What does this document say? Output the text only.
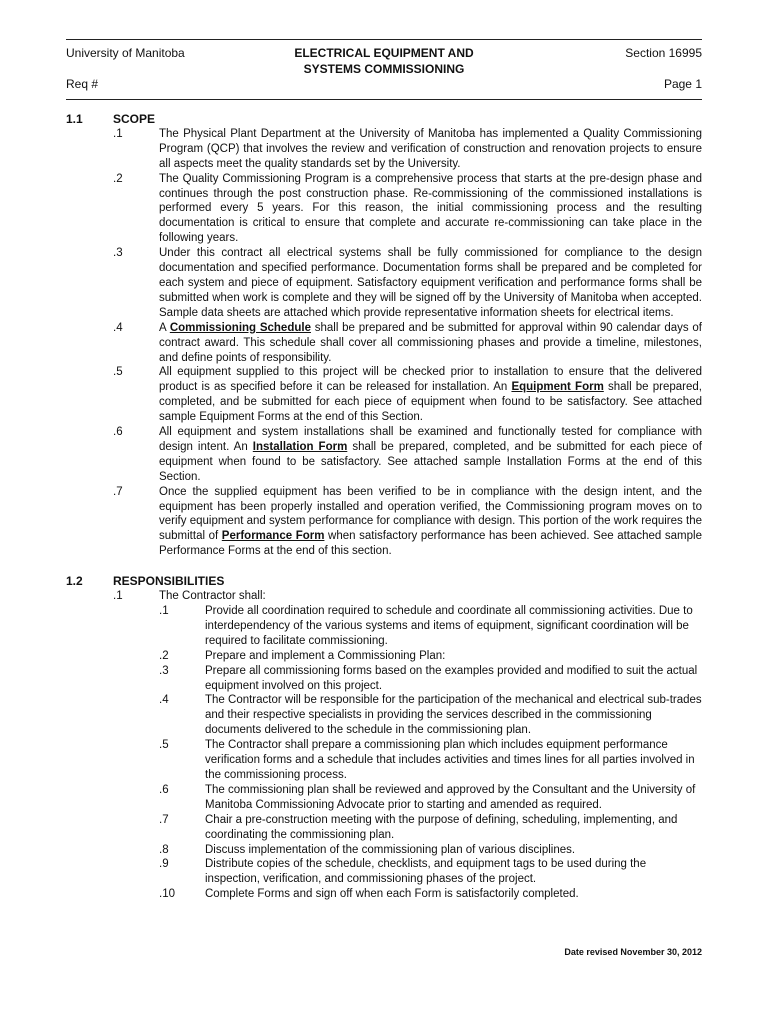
University of Manitoba	ELECTRICAL EQUIPMENT AND
SYSTEMS COMMISSIONING
Section 16995
Req #	Page 1
1.1	SCOPE
.1	The Physical Plant Department at the University of Manitoba has implemented a Quality Commissioning Program (QCP) that involves the review and verification of construction and renovation projects to ensure all aspects meet the quality standards set by the University.
.2	The Quality Commissioning Program is a comprehensive process that starts at the pre-design phase and continues through the post construction phase. Re-commissioning of the commissioned installations is performed every 5 years. For this reason, the initial commissioning process and the resulting documentation is critical to ensure that complete and accurate re-commissioning can take place in the following years.
.3	Under this contract all electrical systems shall be fully commissioned for compliance to the design documentation and specified performance. Documentation forms shall be prepared and be completed for each system and piece of equipment. Satisfactory equipment verification and performance forms shall be submitted when work is complete and they will be signed off by the University of Manitoba when accepted. Sample data sheets are attached which provide representative information sheets for electrical items.
.4	A Commissioning Schedule shall be prepared and be submitted for approval within 90 calendar days of contract award. This schedule shall cover all commissioning phases and provide a timeline, milestones, and define points of responsibility.
.5	All equipment supplied to this project will be checked prior to installation to ensure that the delivered product is as specified before it can be released for installation. An Equipment Form shall be prepared, completed, and be submitted for each piece of equipment when found to be satisfactory. See attached sample Equipment Forms at the end of this Section.
.6	All equipment and system installations shall be examined and functionally tested for compliance with design intent. An Installation Form shall be prepared, completed, and be submitted for each piece of equipment when found to be satisfactory. See attached sample Installation Forms at the end of this Section.
.7	Once the supplied equipment has been verified to be in compliance with the design intent, and the equipment has been properly installed and operation verified, the Commissioning program moves on to verify equipment and system performance for compliance with design. This portion of the work requires the submittal of Performance Form when satisfactory performance has been achieved. See attached sample Performance Forms at the end of this section.
1.2	RESPONSIBILITIES
.1	The Contractor shall:
.1	Provide all coordination required to schedule and coordinate all commissioning activities. Due to interdependency of the various systems and items of equipment, significant coordination will be required to facilitate commissioning.
.2	Prepare and implement a Commissioning Plan:
.3	Prepare all commissioning forms based on the examples provided and modified to suit the actual equipment involved on this project.
.4	The Contractor will be responsible for the participation of the mechanical and electrical sub-trades and their respective specialists in providing the services described in the commissioning documents delivered to the schedule in the commissioning plan.
.5	The Contractor shall prepare a commissioning plan which includes equipment performance verification forms and a schedule that includes activities and times lines for all parties involved in the commissioning process.
.6	The commissioning plan shall be reviewed and approved by the Consultant and the University of Manitoba Commissioning Advocate prior to starting and amended as required.
.7	Chair a pre-construction meeting with the purpose of defining, scheduling, implementing, and coordinating the commissioning plan.
.8	Discuss implementation of the commissioning plan of various disciplines.
.9	Distribute copies of the schedule, checklists, and equipment tags to be used during the inspection, verification, and commissioning phases of the project.
.10	Complete Forms and sign off when each Form is satisfactorily completed.
Date revised November 30, 2012
